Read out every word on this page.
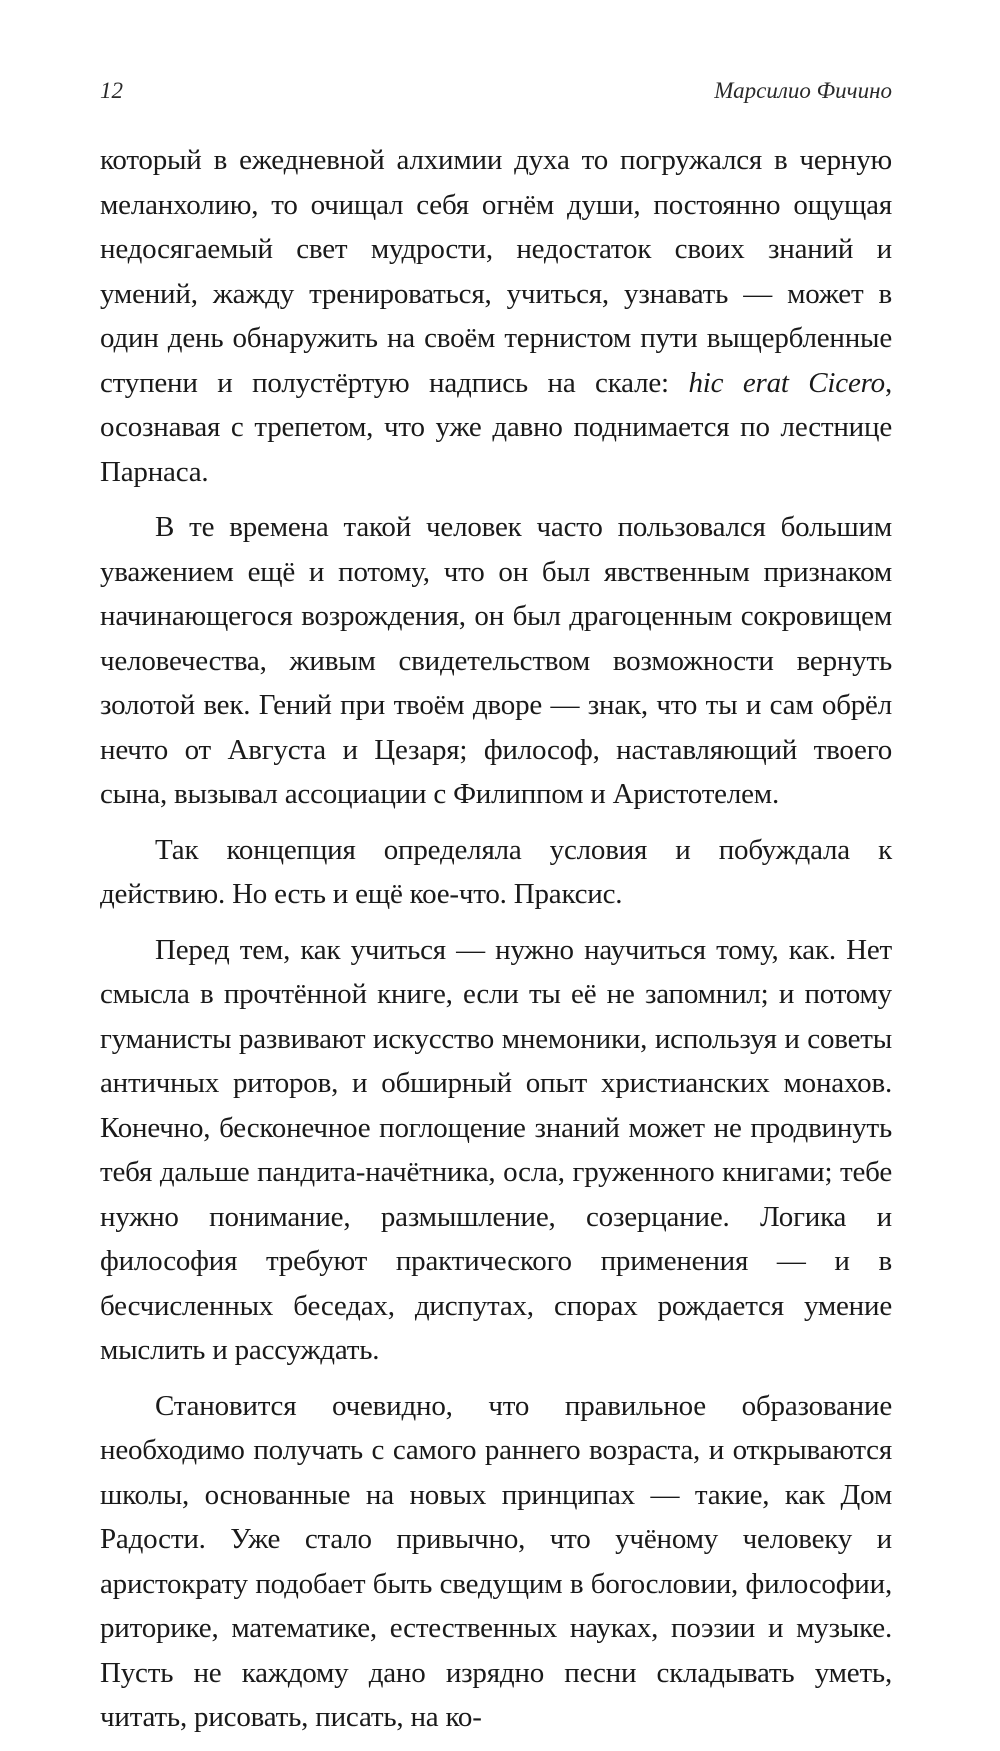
12	Марсилио Фичино

который в ежедневной алхимии духа то погружался в черную меланхолию, то очищал себя огнём души, постоянно ощущая недосягаемый свет мудрости, недостаток своих знаний и умений, жажду тренироваться, учиться, узнавать — может в один день обнаружить на своём тернистом пути выщербленные ступени и полустёртую надпись на скале: hic erat Cicero, осознавая с трепетом, что уже давно поднимается по лестнице Парнаса.

В те времена такой человек часто пользовался большим уважением ещё и потому, что он был явственным признаком начинающегося возрождения, он был драгоценным сокровищем человечества, живым свидетельством возможности вернуть золотой век. Гений при твоём дворе — знак, что ты и сам обрёл нечто от Августа и Цезаря; философ, наставляющий твоего сына, вызывал ассоциации с Филиппом и Аристотелем.

Так концепция определяла условия и побуждала к действию. Но есть и ещё кое-что. Праксис.

Перед тем, как учиться — нужно научиться тому, как. Нет смысла в прочтённой книге, если ты её не запомнил; и потому гуманисты развивают искусство мнемоники, используя и советы античных риторов, и обширный опыт христианских монахов. Конечно, бесконечное поглощение знаний может не продвинуть тебя дальше пандита-начётника, осла, груженного книгами; тебе нужно понимание, размышление, созерцание. Логика и философия требуют практического применения — и в бесчисленных беседах, диспутах, спорах рождается умение мыслить и рассуждать.

Становится очевидно, что правильное образование необходимо получать с самого раннего возраста, и открываются школы, основанные на новых принципах — такие, как Дом Радости. Уже стало привычно, что учёному человеку и аристократу подобает быть сведущим в богословии, философии, риторике, математике, естественных науках, поэзии и музыке. Пусть не каждому дано изрядно песни складывать уметь, читать, рисовать, писать, на ко-
